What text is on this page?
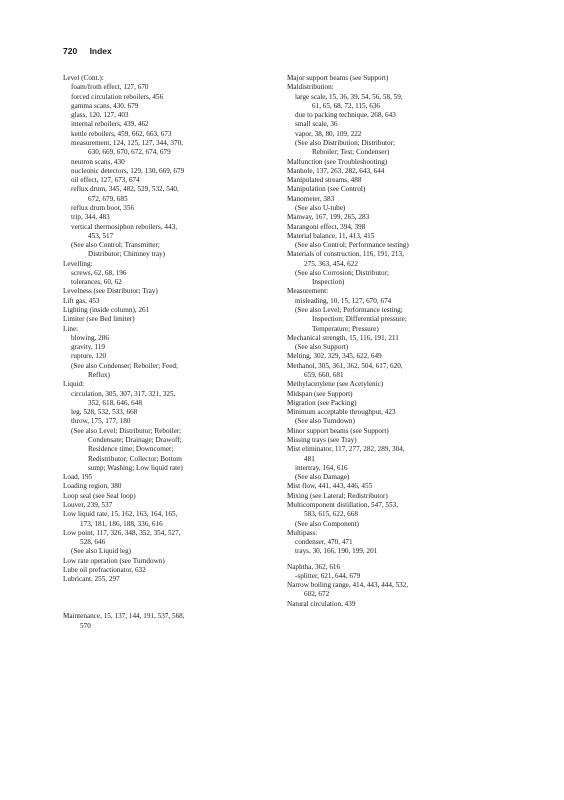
720 Index
Level (Cont.):
foam/froth effect, 127, 670
forced circulation reboilers, 456
gamma scans, 430, 679
glass, 120, 127, 403
internal reboilers, 439, 462
kettle reboilers, 459, 662, 663, 673
measurement, 124, 125, 127, 344, 370,
630, 669, 670, 672, 674, 679
neutron scans, 430
nucleonic detectors, 129, 130, 669, 679
oil effect, 127, 673, 674
reflux drum, 345, 482, 529, 532, 540,
672, 679, 685
reflux drum boot, 356
trip, 344, 483
vertical thermosiphon reboilers, 443,
453, 517
(See also Control; Transmitter;
Distributor; Chimney tray)
Levelling:
screws, 62, 68, 196
tolerances, 60, 62
Levelness (see Distributor; Tray)
Lift gas, 453
Lighting (inside column), 261
Limiter (see Bed limiter)
Line:
blowing, 286
gravity, 119
rupture, 120
(See also Condenser; Reboiler; Feed;
Reflux)
Liquid:
circulation, 305, 307, 317, 321, 325,
352, 618, 646, 648
leg, 528, 532, 533, 668
throw, 175, 177, 180
(See also Level; Distributor; Reboiler;
Condensate; Drainage; Drawoff;
Residence time; Downcomer;
Redistributor; Collector; Bottom
sump; Washing; Low liquid rate)
Load, 195
Loading region, 380
Loop seal (see Seal loop)
Louver, 239, 537
Low liquid rate, 15, 162, 163, 164, 165,
173, 181, 186, 188, 336, 616
Low point, 117, 326, 348, 352, 354, 527,
528, 646
(See also Liquid leg)
Low rate operation (see Turndown)
Lube oil prefractionator, 632
Lubricant, 255, 297
Maintenance, 15, 137, 144, 191, 537, 568,
570
Major support beams (see Support)
Maldistribution:
large scale, 15, 36, 39, 54, 56, 58, 59,
61, 65, 68, 72, 115, 636
due to packing technique, 268, 643
small scale, 36
vapor, 38, 80, 109, 222
(See also Distribution; Distributor;
Reboiler; Test; Condenser)
Malfunction (see Troubleshooting)
Manhole, 137, 263, 282, 643, 644
Manipulated streams, 488
Manipulation (see Control)
Manometer, 383
(See also U-tube)
Manway, 167, 199, 265, 283
Marangoni effect, 394, 398
Material balance, 11, 413, 415
(See also Control; Performance testing)
Materials of construction, 116, 191, 213,
275, 363, 454, 622
(See also Corrosion; Distributor;
Inspection)
Measurement:
misleading, 10, 15, 127, 670, 674
(See also Level; Performance testing;
Inspection; Differential pressure;
Temperature; Pressure)
Mechanical strength, 15, 116, 191, 211
(See also Support)
Melting, 302, 329, 345, 622, 649
Methanol, 305, 361, 362, 504, 617, 620,
659, 660, 681
Methylacetylene (see Acetylenic)
Midspan (see Support)
Migration (see Packing)
Minimum acceptable throughput, 423
(See also Turndown)
Minor support beams (see Support)
Missing trays (see Tray)
Mist eliminator, 117, 277, 282, 289, 304,
481
intertray, 164, 616
(See also Damage)
Mist flow, 441, 443, 446, 455
Mixing (see Lateral; Redistributor)
Multicomponent distillation, 547, 553,
583, 615, 622, 668
(See also Component)
Multipass:
condenser, 470, 471
trays, 30, 166, 190, 199, 201
Naphtha, 362, 616
-splitter, 621, 644, 679
Narrow boiling range, 414, 443, 444, 532,
602, 672
Natural circulation, 439
